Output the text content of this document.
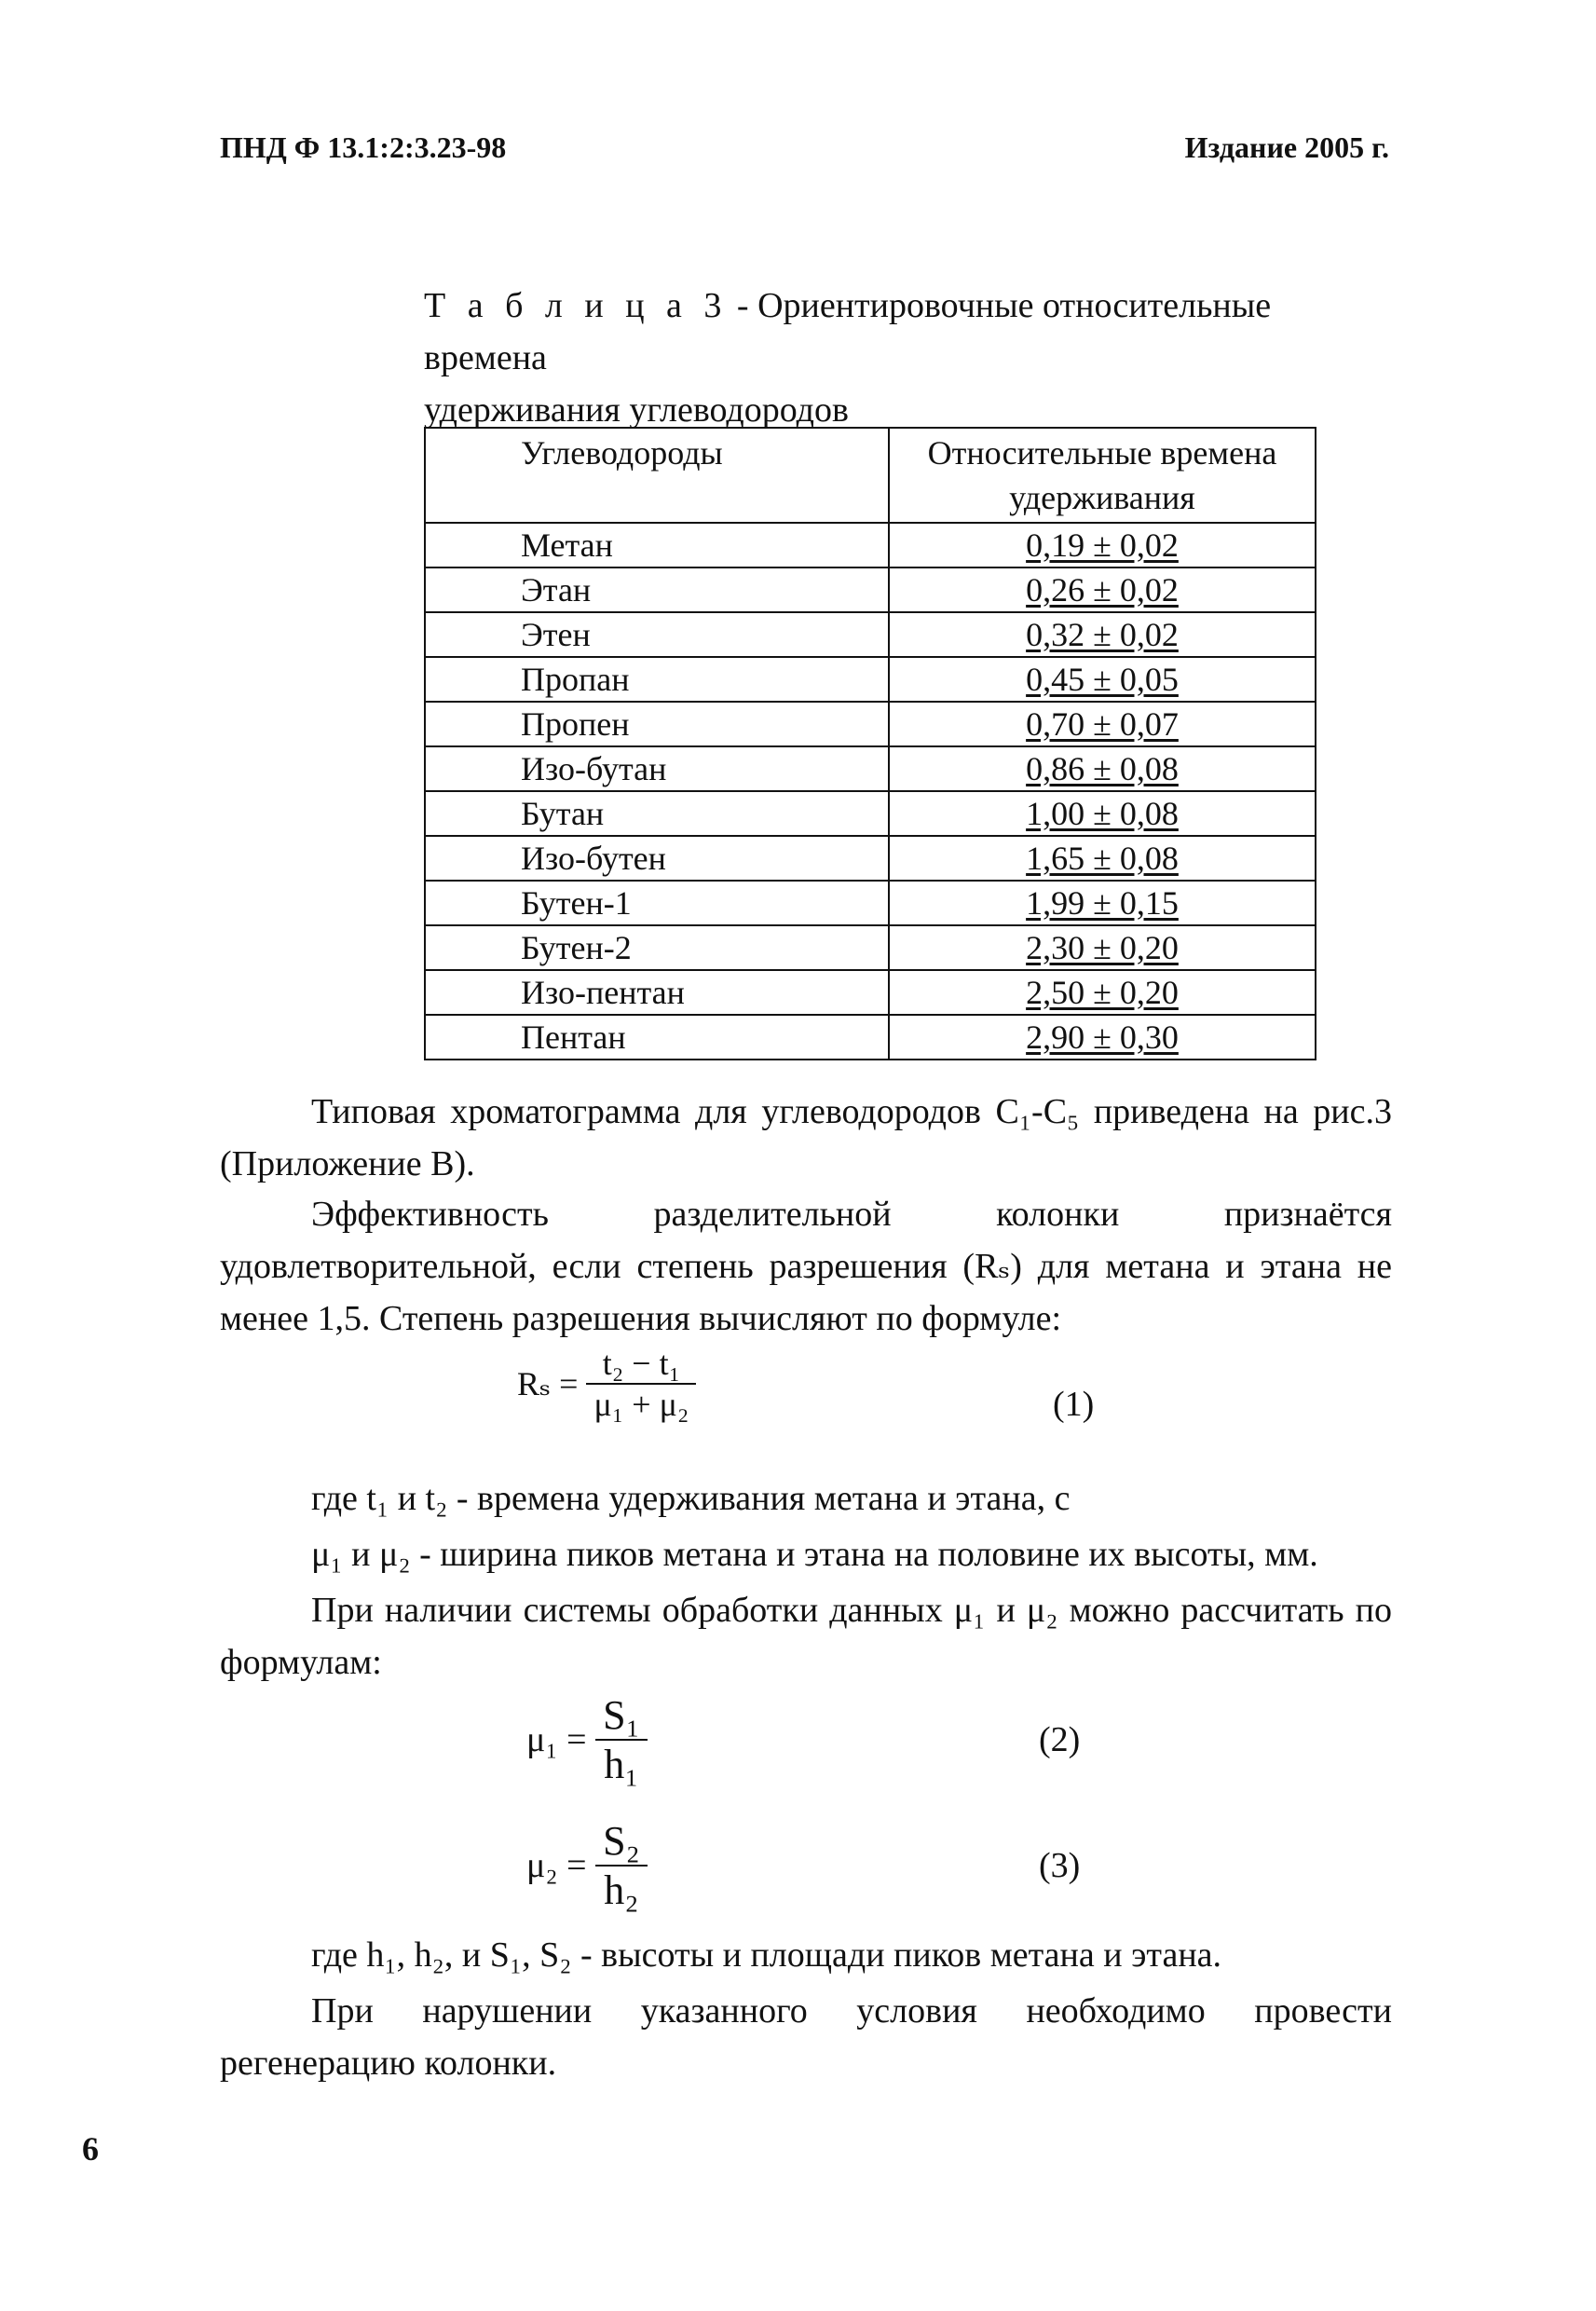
ПНД Ф 13.1:2:3.23-98	Издание 2005 г.
Т а б л и ц а 3 - Ориентировочные относительные времена
удерживания углеводородов
Углеводороды	Относительные времена
удерживания
Метан	0,19 ± 0,02
Этан	0,26 ± 0,02
Этен	0,32 ± 0,02
Пропан	0,45 ± 0,05
Пропен	0,70 ± 0,07
Изо-бутан	0,86 ± 0,08
Бутан	1,00 ± 0,08
Изо-бутен	1,65 ± 0,08
Бутен-1	1,99 ± 0,15
Бутен-2	2,30 ± 0,20
Изо-пентан	2,50 ± 0,20
Пентан	2,90 ± 0,30
Типовая хроматограмма для углеводородов C₁-C₅ приведена на рис.3 (Приложение В).
Эффективность разделительной колонки признаётся удовлетворительной, если степень разрешения (Rₛ) для метана и этана не менее 1,5. Степень разрешения вычисляют по формуле:
$R_s = \frac{\text{t₂ − t₁}}{\text{μ₁ + μ₂}}$	(1)
где t₁ и t₂ - времена удерживания метана и этана, с
μ₁ и μ₂ - ширина пиков метана и этана на половине их высоты, мм.
При наличии системы обработки данных μ₁ и μ₂ можно рассчитать по формулам:
$\mu_1 = \frac{\text{S₁}}{\text{h₁}}$	(2)
$\mu_2 = \frac{\text{S₂}}{\text{h₂}}$	(3)
где h₁, h₂, и S₁, S₂ - высоты и площади пиков метана и этана.
При нарушении указанного условия необходимо провести регенерацию колонки.
6
